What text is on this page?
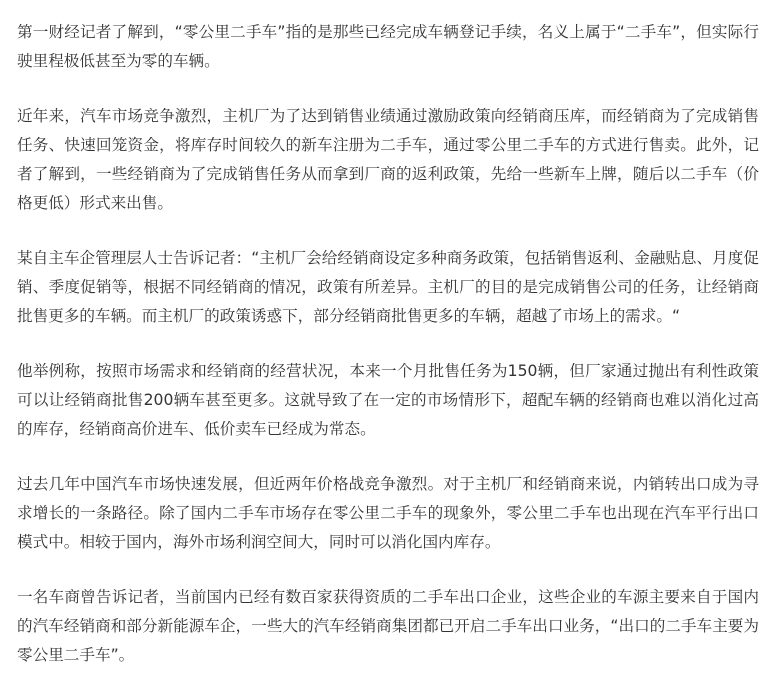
第一财经记者了解到，“零公里二手车”指的是那些已经完成车辆登记手续，名义上属于“二手车”，但实际行驶里程极低甚至为零的车辆。

近年来，汽车市场竞争激烈，主机厂为了达到销售业绩通过激励政策向经销商压库，而经销商为了完成销售任务、快速回笼资金，将库存时间较久的新车注册为二手车，通过零公里二手车的方式进行售卖。此外，记者了解到，一些经销商为了完成销售任务从而拿到厂商的返利政策，先给一些新车上牌，随后以二手车（价格更低）形式来出售。

某自主车企管理层人士告诉记者：“主机厂会给经销商设定多种商务政策，包括销售返利、金融贴息、月度促销、季度促销等，根据不同经销商的情况，政策有所差异。主机厂的目的是完成销售公司的任务，让经销商批售更多的车辆。而主机厂的政策诱惑下，部分经销商批售更多的车辆，超越了市场上的需求。“

他举例称，按照市场需求和经销商的经营状况，本来一个月批售任务为150辆，但厂家通过抛出有利性政策可以让经销商批售200辆车甚至更多。这就导致了在一定的市场情形下，超配车辆的经销商也难以消化过高的库存，经销商高价进车、低价卖车已经成为常态。

过去几年中国汽车市场快速发展，但近两年价格战竞争激烈。对于主机厂和经销商来说，内销转出口成为寻求增长的一条路径。除了国内二手车市场存在零公里二手车的现象外，零公里二手车也出现在汽车平行出口模式中。相较于国内，海外市场利润空间大，同时可以消化国内库存。

一名车商曾告诉记者，当前国内已经有数百家获得资质的二手车出口企业，这些企业的车源主要来自于国内的汽车经销商和部分新能源车企，一些大的汽车经销商集团都已开启二手车出口业务，“出口的二手车主要为零公里二手车”。
